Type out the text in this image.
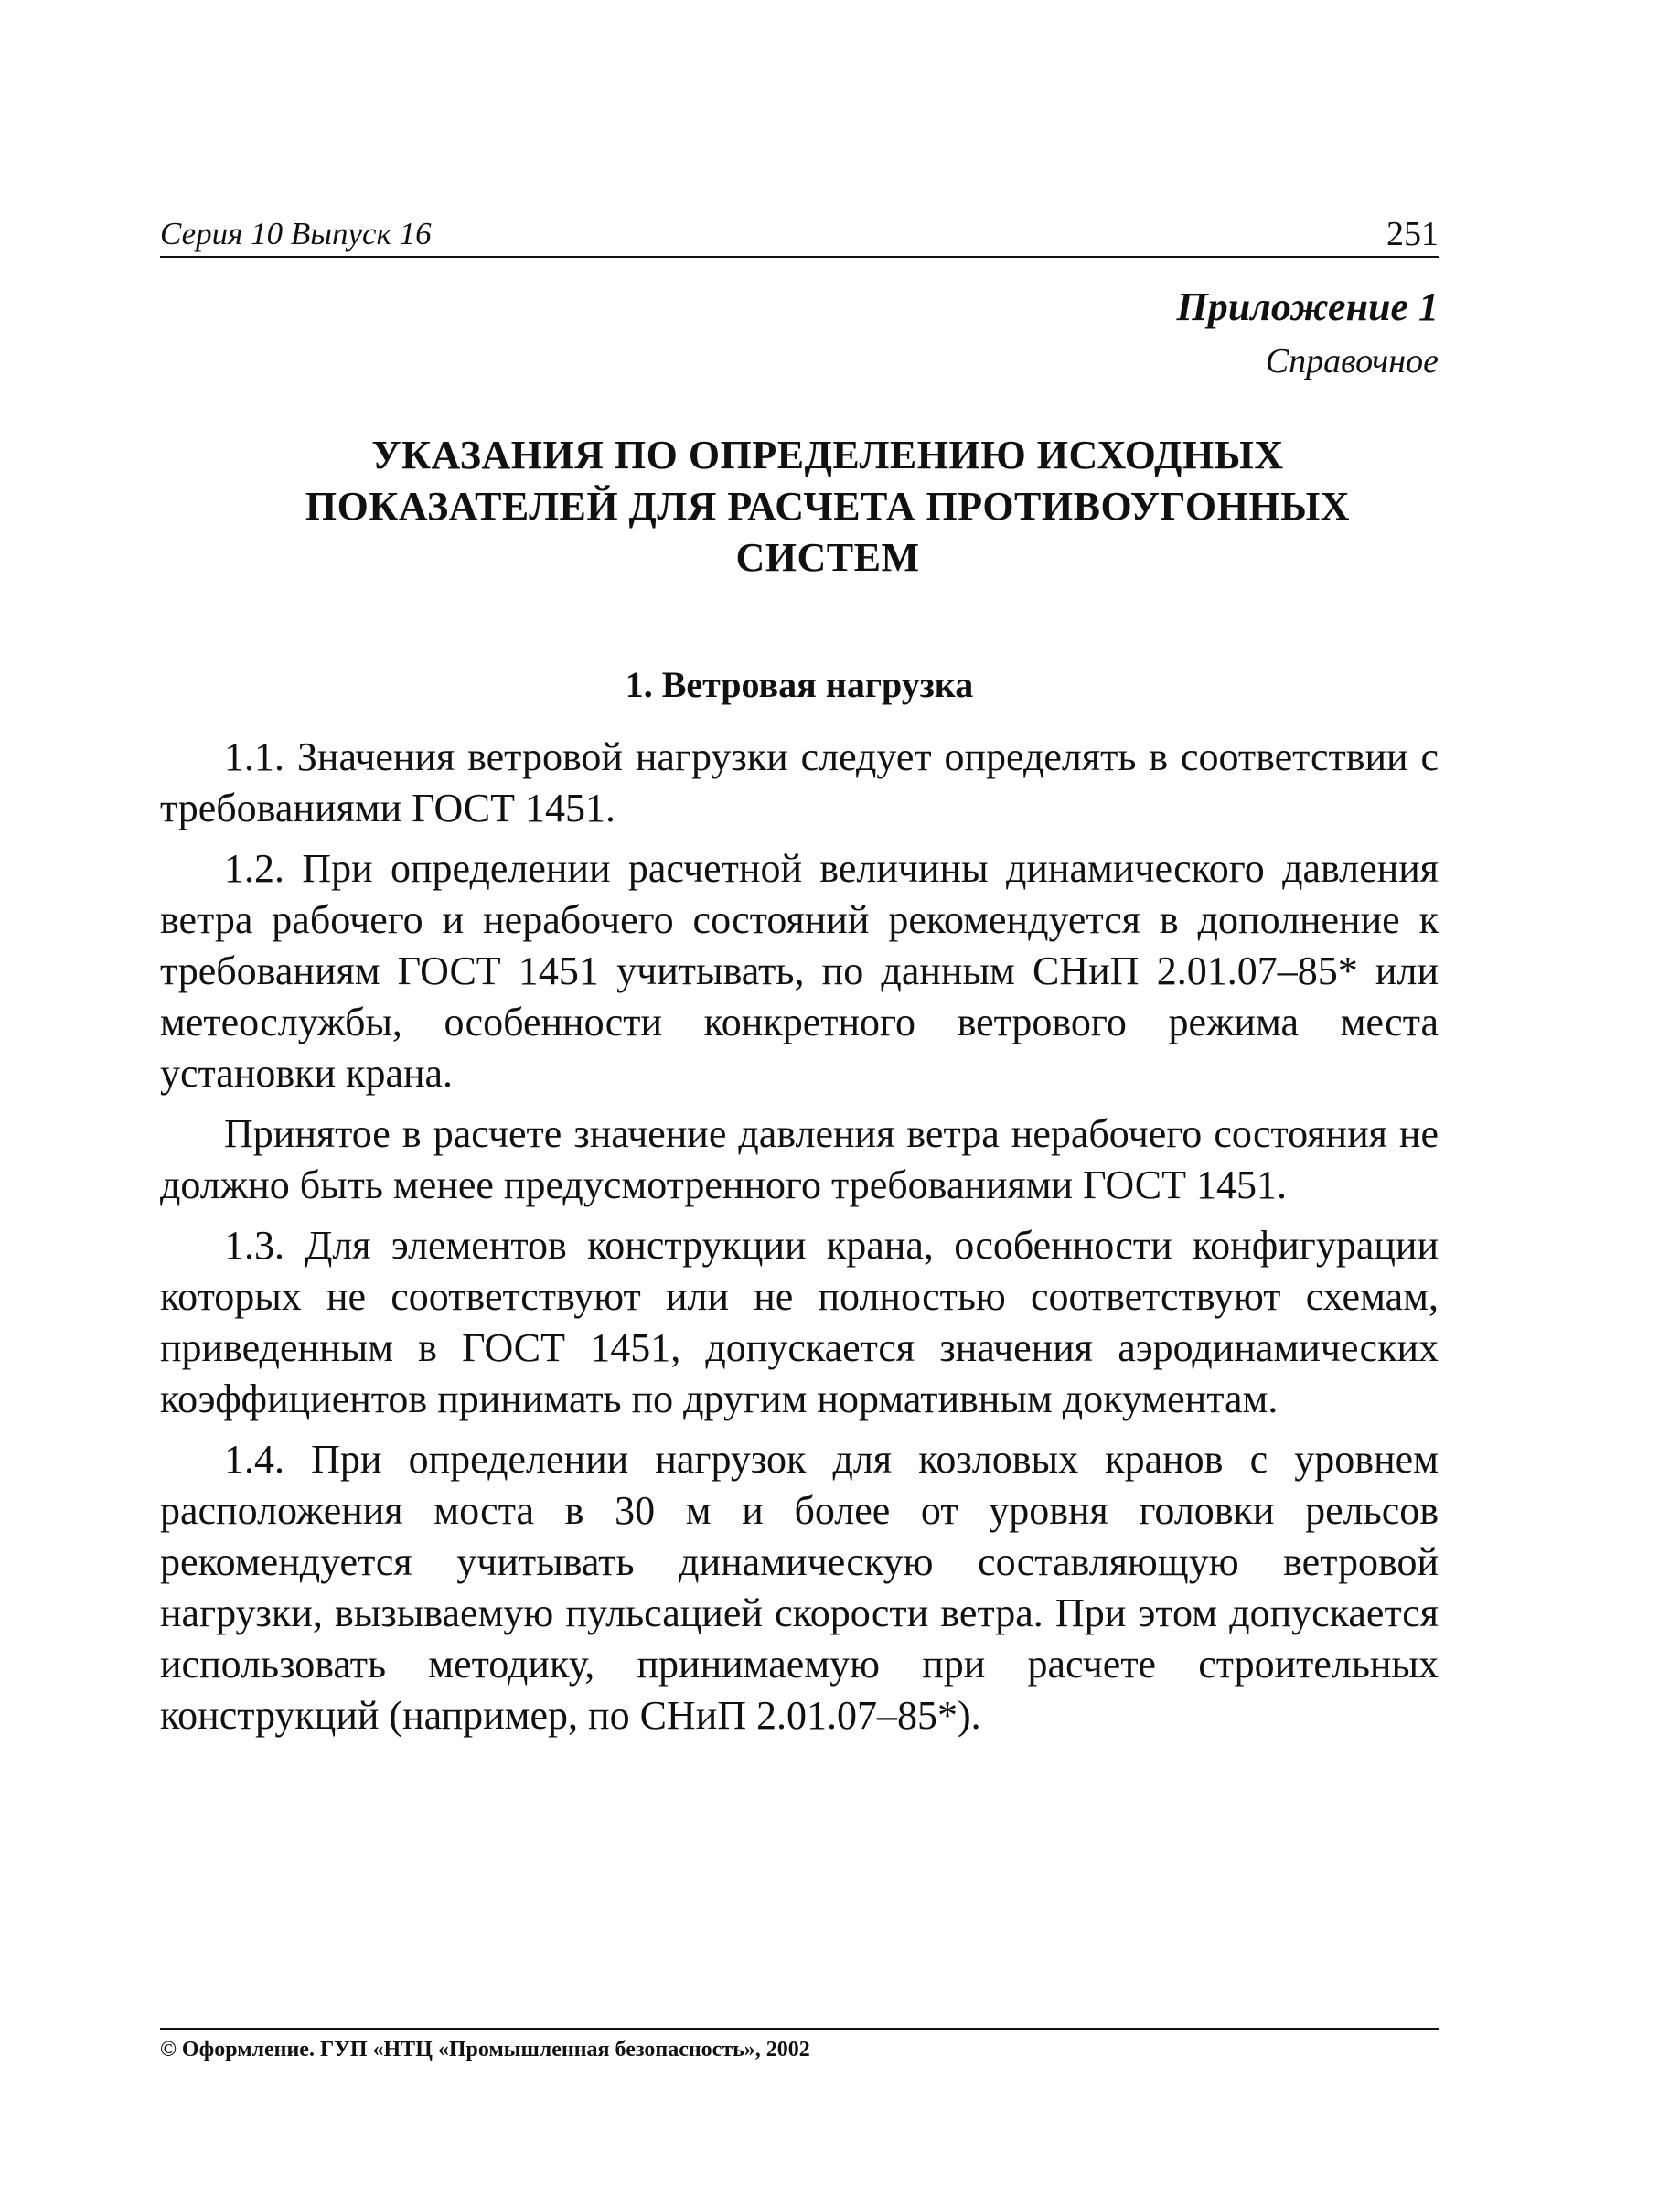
Серия 10 Выпуск 16	251
Приложение 1
Справочное
УКАЗАНИЯ ПО ОПРЕДЕЛЕНИЮ ИСХОДНЫХ
ПОКАЗАТЕЛЕЙ ДЛЯ РАСЧЕТА ПРОТИВОУГОННЫХ
СИСТЕМ
1. Ветровая нагрузка

1.1. Значения ветровой нагрузки следует определять в соответствии с требованиями ГОСТ 1451.

1.2. При определении расчетной величины динамического давления ветра рабочего и нерабочего состояний рекомендуется в дополнение к требованиям ГОСТ 1451 учитывать, по данным СНиП 2.01.07–85* или метеослужбы, особенности конкретного ветрового режима места установки крана.

Принятое в расчете значение давления ветра нерабочего состояния не должно быть менее предусмотренного требованиями ГОСТ 1451.

1.3. Для элементов конструкции крана, особенности конфигурации которых не соответствуют или не полностью соответствуют схемам, приведенным в ГОСТ 1451, допускается значения аэродинамических коэффициентов принимать по другим нормативным документам.

1.4. При определении нагрузок для козловых кранов с уровнем расположения моста в 30 м и более от уровня головки рельсов рекомендуется учитывать динамическую составляющую ветровой нагрузки, вызываемую пульсацией скорости ветра. При этом допускается использовать методику, принимаемую при расчете строительных конструкций (например, по СНиП 2.01.07–85*).

© Оформление. ГУП «НТЦ «Промышленная безопасность», 2002
